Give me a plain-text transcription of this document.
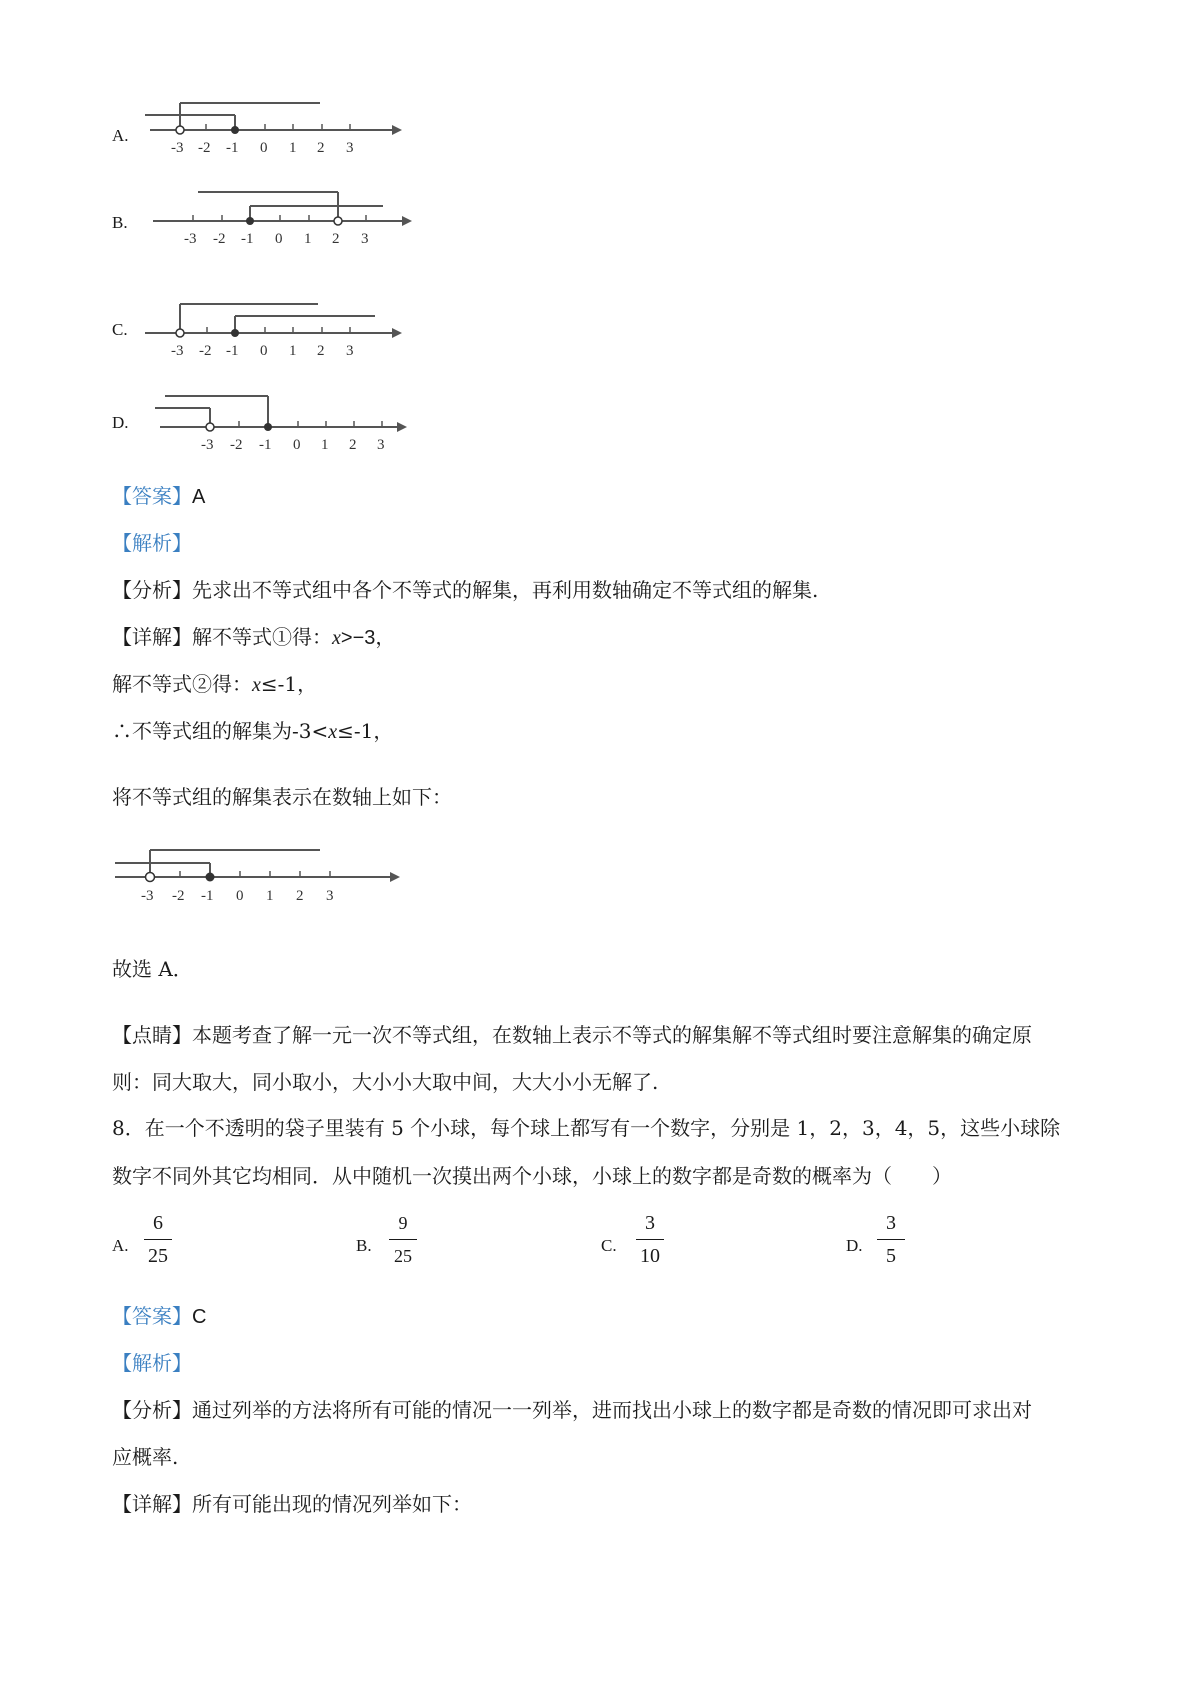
A.
-3 -2 -1 0 1 2 3
B.
-3 -2 -1 0 1 2 3
C.
-3 -2 -1 0 1 2 3
D.
-3 -2 -1 0 1 2 3
【答案】A
【解析】
【分析】先求出不等式组中各个不等式的解集，再利用数轴确定不等式组的解集.
【详解】解不等式①得：x>−3，
解不等式②得：x≤-1，
∴不等式组的解集为-3<x≤-1，
将不等式组的解集表示在数轴上如下：
-3 -2 -1 0 1 2 3
故选 A．
【点睛】本题考查了解一元一次不等式组，在数轴上表示不等式的解集解不等式组时要注意解集的确定原
则：同大取大，同小取小，大小小大取中间，大大小小无解了.
8．在一个不透明的袋子里装有 5 个小球，每个球上都写有一个数字，分别是 1，2，3，4，5，这些小球除
数字不同外其它均相同．从中随机一次摸出两个小球，小球上的数字都是奇数的概率为（　　）
A.
6
25	B.
9
25
C.
3
10	D.
3
5
【答案】C
【解析】
【分析】通过列举的方法将所有可能的情况一一列举，进而找出小球上的数字都是奇数的情况即可求出对
应概率.
【详解】所有可能出现的情况列举如下：
